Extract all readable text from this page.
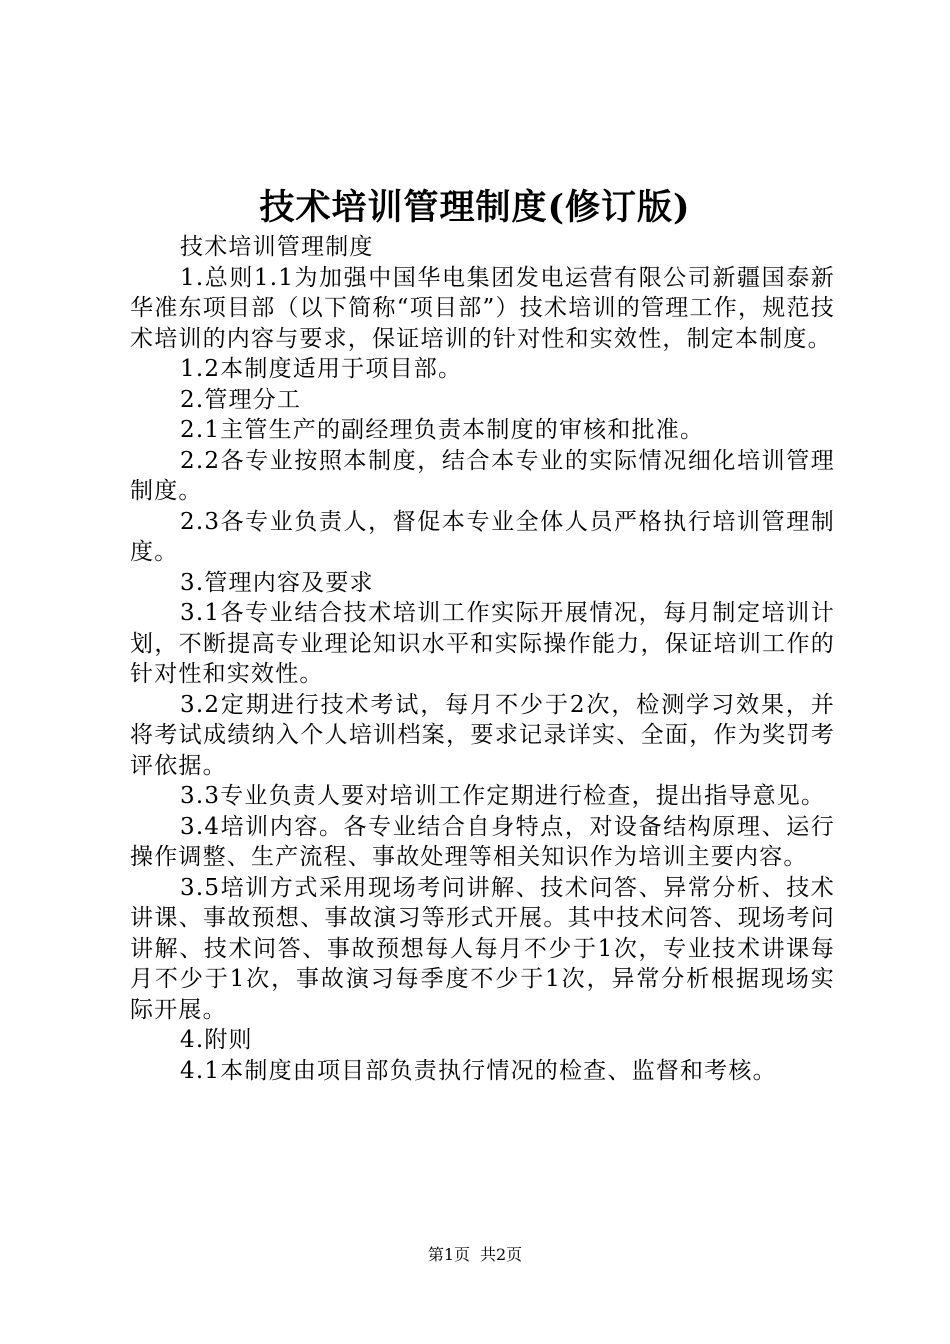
技术培训管理制度(修订版)

技术培训管理制度

1.总则1.1为加强中国华电集团发电运营有限公司新疆国泰新华准东项目部（以下简称“项目部”）技术培训的管理工作，规范技术培训的内容与要求，保证培训的针对性和实效性，制定本制度。

1.2本制度适用于项目部。

2.管理分工

2.1主管生产的副经理负责本制度的审核和批准。

2.2各专业按照本制度，结合本专业的实际情况细化培训管理制度。

2.3各专业负责人，督促本专业全体人员严格执行培训管理制度。

3.管理内容及要求

3.1各专业结合技术培训工作实际开展情况，每月制定培训计划，不断提高专业理论知识水平和实际操作能力，保证培训工作的针对性和实效性。

3.2定期进行技术考试，每月不少于2次，检测学习效果，并将考试成绩纳入个人培训档案，要求记录详实、全面，作为奖罚考评依据。

3.3专业负责人要对培训工作定期进行检查，提出指导意见。

3.4培训内容。各专业结合自身特点，对设备结构原理、运行操作调整、生产流程、事故处理等相关知识作为培训主要内容。

3.5培训方式采用现场考问讲解、技术问答、异常分析、技术讲课、事故预想、事故演习等形式开展。其中技术问答、现场考问讲解、技术问答、事故预想每人每月不少于1次，专业技术讲课每月不少于1次，事故演习每季度不少于1次，异常分析根据现场实际开展。

4.附则

4.1本制度由项目部负责执行情况的检查、监督和考核。

第1页 共2页
